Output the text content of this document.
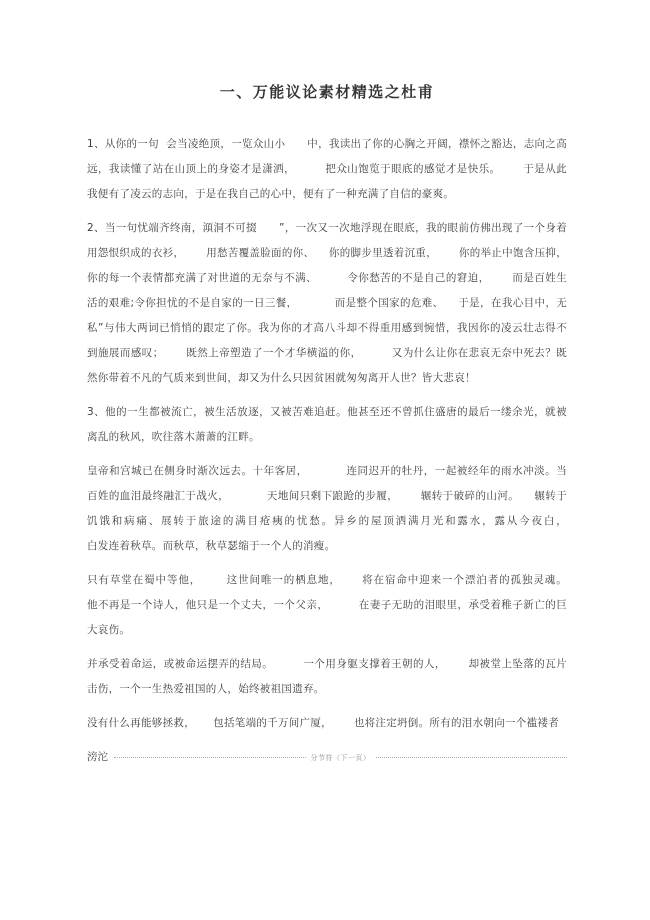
一、万能议论素材精选之杜甫

1、从你的一句  会当凌绝顶，一览众山小      中，我读出了你的心胸之开阔，襟怀之豁达，志向之高远，我读懂了站在山顶上的身姿才是潇洒，        把众山饱览于眼底的感觉才是快乐。      于是从此我便有了凌云的志向，于是在我自己的心中，便有了一种充满了自信的豪爽。

2、当一句忧端齐终南，澒洞不可掇      ”，一次又一次地浮现在眼底，我的眼前仿佛出现了一个身着用怨恨织成的衣衫，      用愁苦覆盖脸面的你、    你的脚步里透着沉重，      你的举止中饱含压抑，你的每一个表情都充满了对世道的无奈与不满、        令你愁苦的不是自己的窘迫，      而是百姓生活的艰难;令你担忧的不是自家的一日三餐，          而是整个国家的危难、    于是，在我心目中，无私”与伟大两词已悄悄的跟定了你。我为你的才高八斗却不得重用感到惋惜，我因你的凌云壮志得不到施展而感叹；      既然上帝塑造了一个才华横溢的你，        又为什么让你在悲哀无奈中死去？既然你带着不凡的气质来到世间，却又为什么只因贫困就匆匆离开人世？皆大悲哀！

3、他的一生都被流亡，被生活放逐，又被苦难追赶。他甚至还不曾抓住盛唐的最后一缕余光，就被离乱的秋风，吹往落木萧萧的江畔。

皇帝和宫城已在侧身时渐次远去。十年客居，          连同迟开的牡丹，一起被经年的雨水冲淡。当 百姓的血泪最终融汇于战火，          天地间只剩下踉跄的步履，      辗转于破碎的山河。    辗转于饥饿和病痛、展转于旅途的满目疮痍的忧愁。异乡的屋顶洒满月光和露水，露从今夜白，              白发连着秋草。而秋草，秋草瑟缩于一个人的消瘦。

只有草堂在蜀中等他，      这世间唯一的栖息地，     将在宿命中迎来一个漂泊者的孤独灵魂。        他不再是一个诗人，他只是一个丈夫，一个父亲，        在妻子无助的泪眼里，承受着稚子新亡的巨大哀伤。

并承受着命运，或被命运摆弄的结局。        一个用身躯支撑着王朝的人，      却被堂上坠落的瓦片击伤，一个一生热爱祖国的人，始终被祖国遗弃。

没有什么再能够拯救，     包括笔端的千万间广厦，      也将注定坍倒。所有的泪水朝向一个褴褛者

滂沱	分节符（下一页）
